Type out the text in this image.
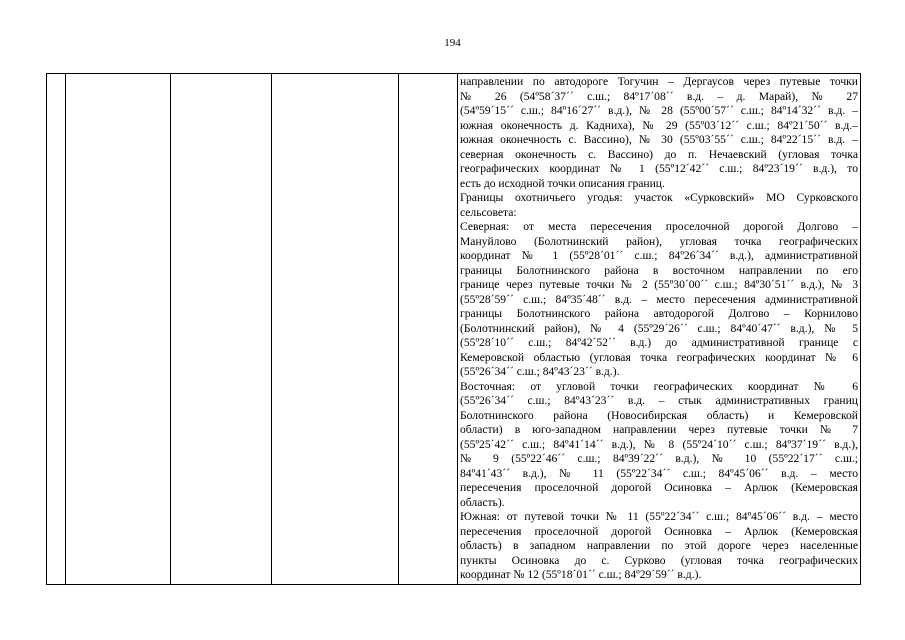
194

направлении по автодороге Тогучин – Дергаусов через путевые точки
№ 26 (54º58´37´´ с.ш.; 84º17´08´´ в.д. – д. Марай), № 27
(54º59´15´´ с.ш.; 84º16´27´´ в.д.), № 28 (55º00´57´´ с.ш.; 84º14´32´´ в.д. –
южная оконечность д. Кадниха), № 29 (55º03´12´´ с.ш.; 84º21´50´´ в.д.–
южная оконечность с. Вассино), № 30 (55º03´55´´ с.ш.; 84º22´15´´ в.д. –
северная оконечность с. Вассино) до п. Нечаевский (угловая точка
географических координат № 1 (55º12´42´´ с.ш.; 84º23´19´´ в.д.), то
есть до исходной точки описания границ.
Границы охотничьего угодья: участок «Сурковский» МО Сурковского
сельсовета:
Северная: от места пересечения проселочной дорогой Долгово –
Мануйлово (Болотнинский район), угловая точка географических
координат № 1 (55º28´01´´ с.ш.; 84º26´34´´ в.д.), административной
границы Болотнинского района в восточном направлении по его
границе через путевые точки № 2 (55º30´00´´ с.ш.; 84º30´51´´ в.д.), № 3
(55º28´59´´ с.ш.; 84º35´48´´ в.д. – место пересечения административной
границы Болотнинского района автодорогой Долгово – Корнилово
(Болотнинский район), № 4 (55º29´26´´ с.ш.; 84º40´47´´ в.д.), № 5
(55º28´10´´ с.ш.; 84º42´52´´ в.д.) до административной границе с
Кемеровской областью (угловая точка географических координат № 6
(55º26´34´´ с.ш.; 84º43´23´´ в.д.).
Восточная: от угловой точки географических координат № 6
(55º26´34´´ с.ш.; 84º43´23´´ в.д. – стык административных границ
Болотнинского района (Новосибирская область) и Кемеровской
области) в юго-западном направлении через путевые точки № 7
(55º25´42´´ с.ш.; 84º41´14´´ в.д.), № 8 (55º24´10´´ с.ш.; 84º37´19´´ в.д.),
№ 9 (55º22´46´´ с.ш.; 84º39´22´´ в.д.), № 10 (55º22´17´´ с.ш.;
84º41´43´´ в.д.), № 11 (55º22´34´´ с.ш.; 84º45´06´´ в.д. – место
пересечения проселочной дорогой Осиновка – Арлюк (Кемеровская
область).
Южная: от путевой точки № 11 (55º22´34´´ с.ш.; 84º45´06´´ в.д. – место
пересечения проселочной дорогой Осиновка – Арлюк (Кемеровская
область) в западном направлении по этой дороге через населенные
пункты Осиновка до с. Сурково (угловая точка географических
координат № 12 (55º18´01´´ с.ш.; 84º29´59´´ в.д.).
